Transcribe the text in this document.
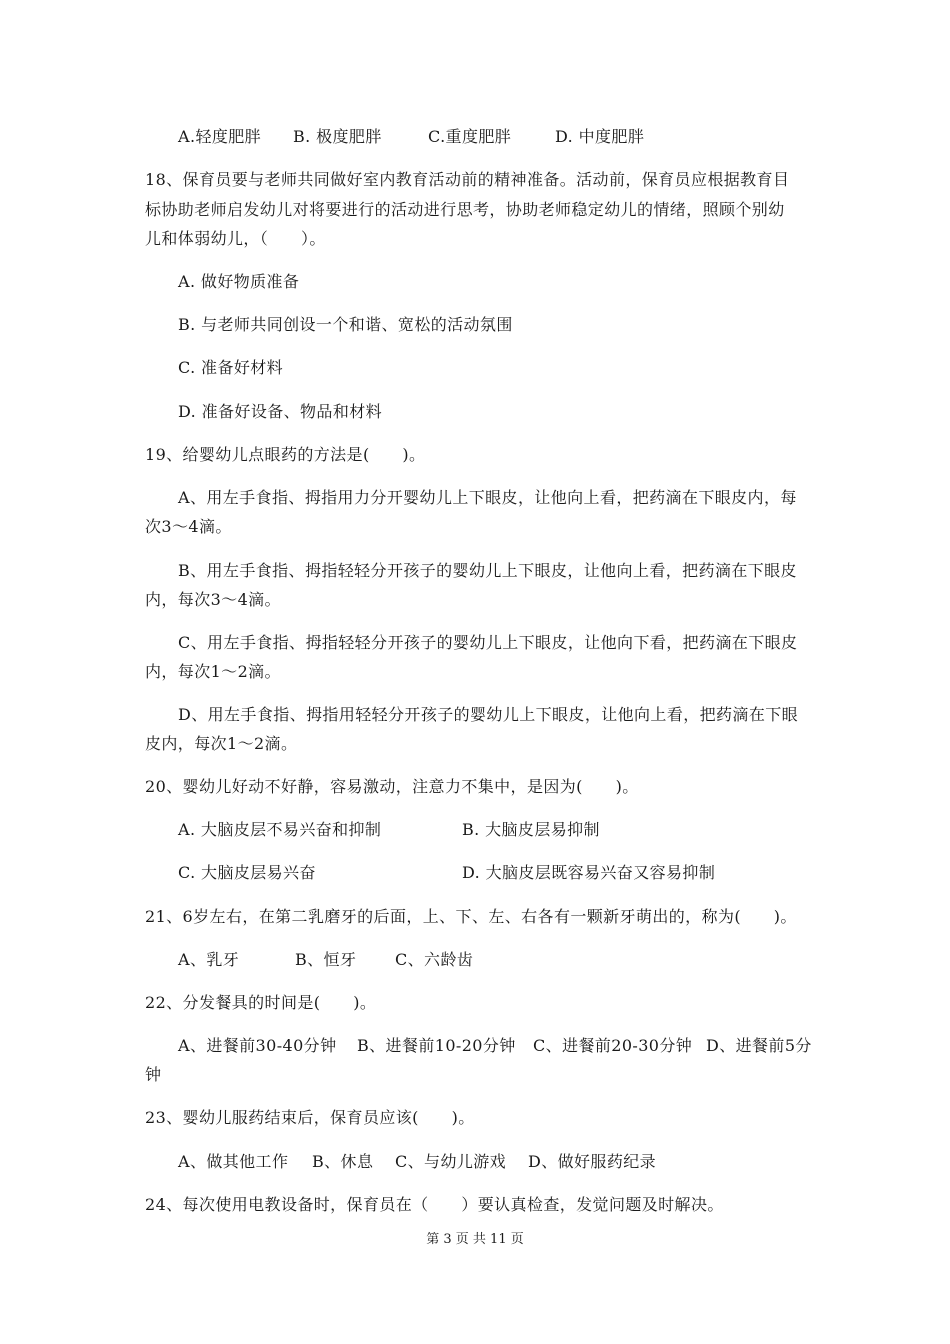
A.轻度肥胖 B. 极度肥胖	C.重度肥胖	D. 中度肥胖

18、保育员要与老师共同做好室内教育活动前的精神准备。活动前，保育员应根据教育目

标协助老师启发幼儿对将要进行的活动进行思考，协助老师稳定幼儿的情绪，照顾个别幼

儿和体弱幼儿，（　　）。

A. 做好物质准备

B. 与老师共同创设一个和谐、宽松的活动氛围

C. 准备好材料

D. 准备好设备、物品和材料

19、给婴幼儿点眼药的方法是(　　)。

A、用左手食指、拇指用力分开婴幼儿上下眼皮，让他向上看，把药滴在下眼皮内，每

次3～4滴。

B、用左手食指、拇指轻轻分开孩子的婴幼儿上下眼皮，让他向上看，把药滴在下眼皮

内，每次3～4滴。

C、用左手食指、拇指轻轻分开孩子的婴幼儿上下眼皮，让他向下看，把药滴在下眼皮

内，每次1～2滴。

D、用左手食指、拇指用轻轻分开孩子的婴幼儿上下眼皮，让他向上看，把药滴在下眼

皮内，每次1～2滴。

20、婴幼儿好动不好静，容易激动，注意力不集中，是因为(　　)。

A. 大脑皮层不易兴奋和抑制	B. 大脑皮层易抑制

C. 大脑皮层易兴奋	D. 大脑皮层既容易兴奋又容易抑制

21、6岁左右，在第二乳磨牙的后面，上、下、左、右各有一颗新牙萌出的，称为(　　)。

A、乳牙	B、恒牙 C、六龄齿

22、分发餐具的时间是(　　)。

A、进餐前30-40分钟 B、进餐前10-20分钟 C、进餐前20-30分钟 D、进餐前5分

钟

23、婴幼儿服药结束后，保育员应该(　　)。

A、做其他工作 B、休息 C、与幼儿游戏 D、做好服药纪录

24、每次使用电教设备时，保育员在（　　）要认真检查，发觉问题及时解决。

第 3 页 共 11 页
